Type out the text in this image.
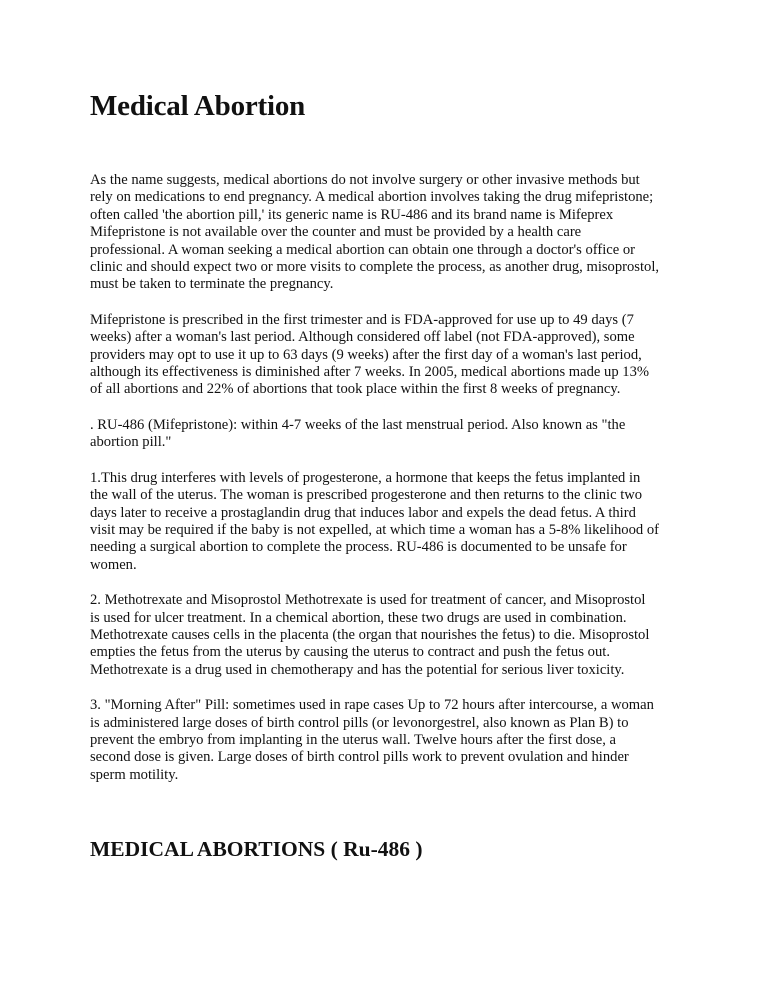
Medical Abortion

As the name suggests, medical abortions do not involve surgery or other invasive methods but
rely on medications to end pregnancy. A medical abortion involves taking the drug mifepristone;
often called 'the abortion pill,' its generic name is RU-486 and its brand name is Mifeprex
Mifepristone is not available over the counter and must be provided by a health care
professional. A woman seeking a medical abortion can obtain one through a doctor's office or
clinic and should expect two or more visits to complete the process, as another drug, misoprostol,
must be taken to terminate the pregnancy.

Mifepristone is prescribed in the first trimester and is FDA-approved for use up to 49 days (7
weeks) after a woman's last period. Although considered off label (not FDA-approved), some
providers may opt to use it up to 63 days (9 weeks) after the first day of a woman's last period,
although its effectiveness is diminished after 7 weeks. In 2005, medical abortions made up 13%
of all abortions and 22% of abortions that took place within the first 8 weeks of pregnancy.

. RU-486 (Mifepristone): within 4-7 weeks of the last menstrual period. Also known as "the
abortion pill."

1.This drug interferes with levels of progesterone, a hormone that keeps the fetus implanted in
the wall of the uterus. The woman is prescribed progesterone and then returns to the clinic two
days later to receive a prostaglandin drug that induces labor and expels the dead fetus. A third
visit may be required if the baby is not expelled, at which time a woman has a 5-8% likelihood of
needing a surgical abortion to complete the process. RU-486 is documented to be unsafe for
women.

2. Methotrexate and Misoprostol Methotrexate is used for treatment of cancer, and Misoprostol
is used for ulcer treatment. In a chemical abortion, these two drugs are used in combination.
Methotrexate causes cells in the placenta (the organ that nourishes the fetus) to die. Misoprostol
empties the fetus from the uterus by causing the uterus to contract and push the fetus out.
Methotrexate is a drug used in chemotherapy and has the potential for serious liver toxicity.

3. "Morning After" Pill: sometimes used in rape cases Up to 72 hours after intercourse, a woman
is administered large doses of birth control pills (or levonorgestrel, also known as Plan B) to
prevent the embryo from implanting in the uterus wall. Twelve hours after the first dose, a
second dose is given. Large doses of birth control pills work to prevent ovulation and hinder
sperm motility.

MEDICAL ABORTIONS ( Ru-486 )
